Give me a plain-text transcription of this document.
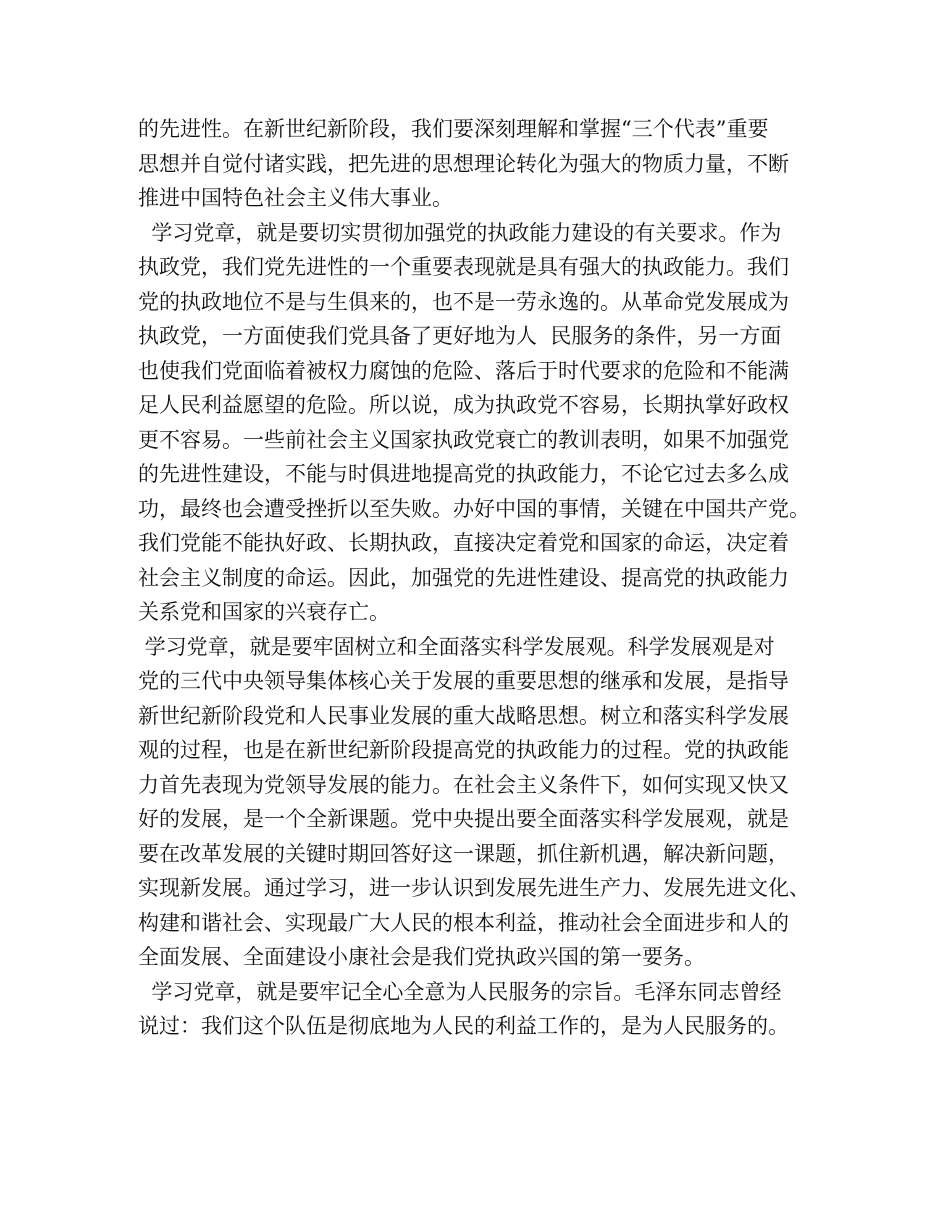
的先进性。在新世纪新阶段，我们要深刻理解和掌握“三个代表”重要
思想并自觉付诸实践，把先进的思想理论转化为强大的物质力量，不断
推进中国特色社会主义伟大事业。
学习党章，就是要切实贯彻加强党的执政能力建设的有关要求。作为
执政党，我们党先进性的一个重要表现就是具有强大的执政能力。我们
党的执政地位不是与生俱来的，也不是一劳永逸的。从革命党发展成为
执政党，一方面使我们党具备了更好地为人  民服务的条件，另一方面
也使我们党面临着被权力腐蚀的危险、落后于时代要求的危险和不能满
足人民利益愿望的危险。所以说，成为执政党不容易，长期执掌好政权
更不容易。一些前社会主义国家执政党衰亡的教训表明，如果不加强党
的先进性建设，不能与时俱进地提高党的执政能力，不论它过去多么成
功，最终也会遭受挫折以至失败。办好中国的事情，关键在中国共产党。
我们党能不能执好政、长期执政，直接决定着党和国家的命运，决定着
社会主义制度的命运。因此，加强党的先进性建设、提高党的执政能力
关系党和国家的兴衰存亡。
学习党章，就是要牢固树立和全面落实科学发展观。科学发展观是对
党的三代中央领导集体核心关于发展的重要思想的继承和发展，是指导
新世纪新阶段党和人民事业发展的重大战略思想。树立和落实科学发展
观的过程，也是在新世纪新阶段提高党的执政能力的过程。党的执政能
力首先表现为党领导发展的能力。在社会主义条件下，如何实现又快又
好的发展，是一个全新课题。党中央提出要全面落实科学发展观，就是
要在改革发展的关键时期回答好这一课题，抓住新机遇，解决新问题，
实现新发展。通过学习，进一步认识到发展先进生产力、发展先进文化、
构建和谐社会、实现最广大人民的根本利益，推动社会全面进步和人的
全面发展、全面建设小康社会是我们党执政兴国的第一要务。
学习党章，就是要牢记全心全意为人民服务的宗旨。毛泽东同志曾经
说过：我们这个队伍是彻底地为人民的利益工作的，是为人民服务的。
